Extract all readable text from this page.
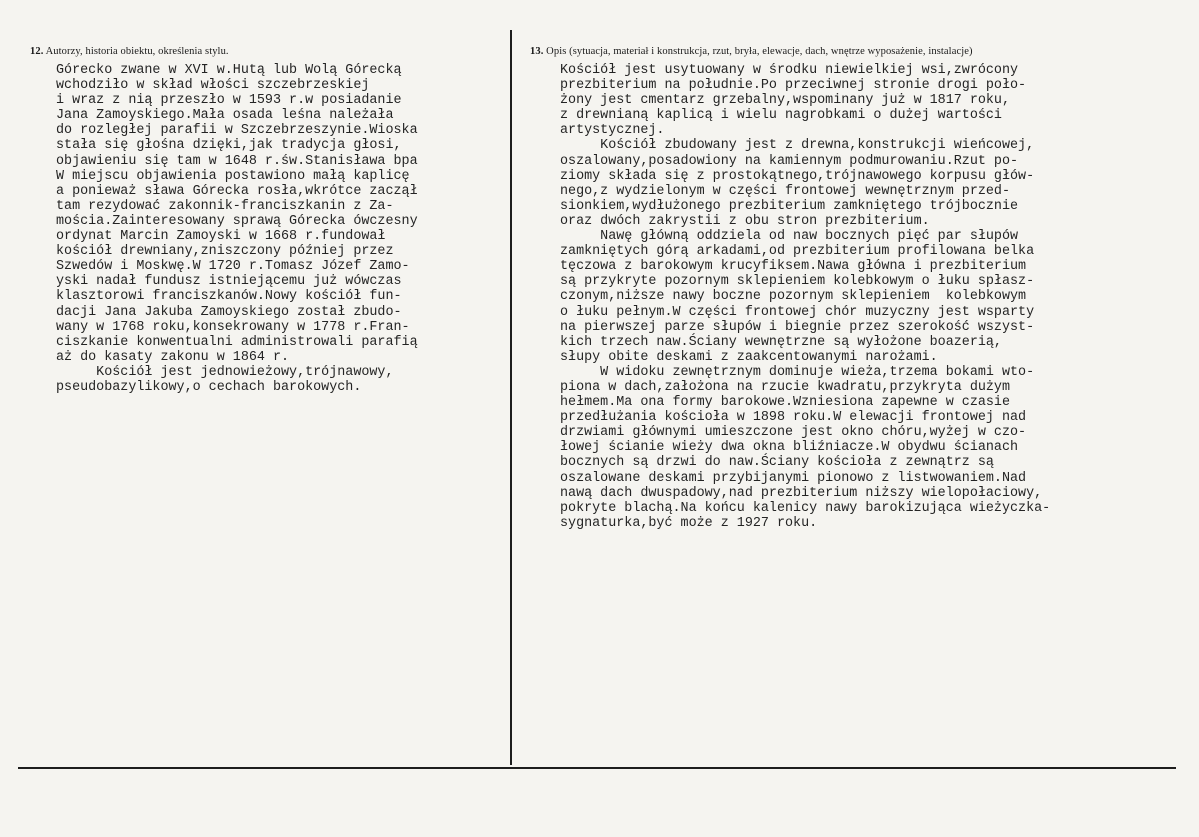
12. Autorzy, historia obiektu, określenia stylu.
Górecko zwane w XVI w.Hutą lub Wolą Górecką
wchodziło w skład włości szczebrzeskiej
i wraz z nią przeszło w 1593 r.w posiadanie
Jana Zamoyskiego.Mała osada leśna należała
do rozległej parafii w Szczebrzeszynie.Wioska
stała się głośna dzięki,jak tradycja głosi,
objawieniu się tam w 1648 r.św.Stanisława bpa
W miejscu objawienia postawiono małą kaplicę
a ponieważ sława Górecka rosła,wkrótce zaczął
tam rezydować zakonnik-franciszkanin z Za-
mościa.Zainteresowany sprawą Górecka ówczesny
ordynat Marcin Zamoyski w 1668 r.fundował
kościół drewniany,zniszczony później przez
Szwedów i Moskwę.W 1720 r.Tomasz Józef Zamo-
yski nadał fundusz istniejącemu już wówczas
klasztorowi franciszkanów.Nowy kościół fun-
dacji Jana Jakuba Zamoyskiego został zbudo-
wany w 1768 roku,konsekrowany w 1778 r.Fran-
ciszkanie konwentualni administrowali parafią
aż do kasaty zakonu w 1864 r.
Kościół jest jednowieżowy,trójnawowy,
pseudobazylikowy,o cechach barokowych.
13. Opis (sytuacja, materiał i konstrukcja, rzut, bryła, elewacje, dach, wnętrze wyposażenie, instalacje)
Kościół jest usytuowany w środku niewielkiej wsi,zwrócony
prezbiterium na południe.Po przeciwnej stronie drogi poło-
żony jest cmentarz grzebalny,wspominany już w 1817 roku,
z drewnianą kaplicą i wielu nagrobkami o dużej wartości
artystycznej.
Kościół zbudowany jest z drewna,konstrukcji wieńcowej,
oszalowany,posadowiony na kamiennym podmurowaniu.Rzut po-
ziomy składa się z prostokątnego,trójnawowego korpusu głów-
nego,z wydzielonym w części frontowej wewnętrznym przed-
sionkiem,wydłużonego prezbiterium zamkniętego trójbocznie
oraz dwóch zakrystii z obu stron prezbiterium.
Nawę główną oddziela od naw bocznych pięć par słupów
zamkniętych górą arkadami,od prezbiterium profilowana belka
tęczowa z barokowym krucyfiksem.Nawa główna i prezbiterium
są przykryte pozornym sklepieniem kolebkowym o łuku spłasz-
czonym,niższe nawy boczne pozornym sklepieniem  kolebkowym
o łuku pełnym.W części frontowej chór muzyczny jest wsparty
na pierwszej parze słupów i biegnie przez szerokość wszyst-
kich trzech naw.Ściany wewnętrzne są wyłożone boazerią,
słupy obite deskami z zaakcentowanymi narożami.
W widoku zewnętrznym dominuje wieża,trzema bokami wto-
piona w dach,założona na rzucie kwadratu,przykryta dużym
hełmem.Ma ona formy barokowe.Wzniesiona zapewne w czasie
przedłużania kościoła w 1898 roku.W elewacji frontowej nad
drzwiami głównymi umieszczone jest okno chóru,wyżej w czo-
łowej ścianie wieży dwa okna bliźniacze.W obydwu ścianach
bocznych są drzwi do naw.Ściany kościoła z zewnątrz są
oszalowane deskami przybijanymi pionowo z listwowaniem.Nad
nawą dach dwuspadowy,nad prezbiterium niższy wielopołaciowy,
pokryte blachą.Na końcu kalenicy nawy barokizująca wieżyczka-
sygnaturka,być może z 1927 roku.
